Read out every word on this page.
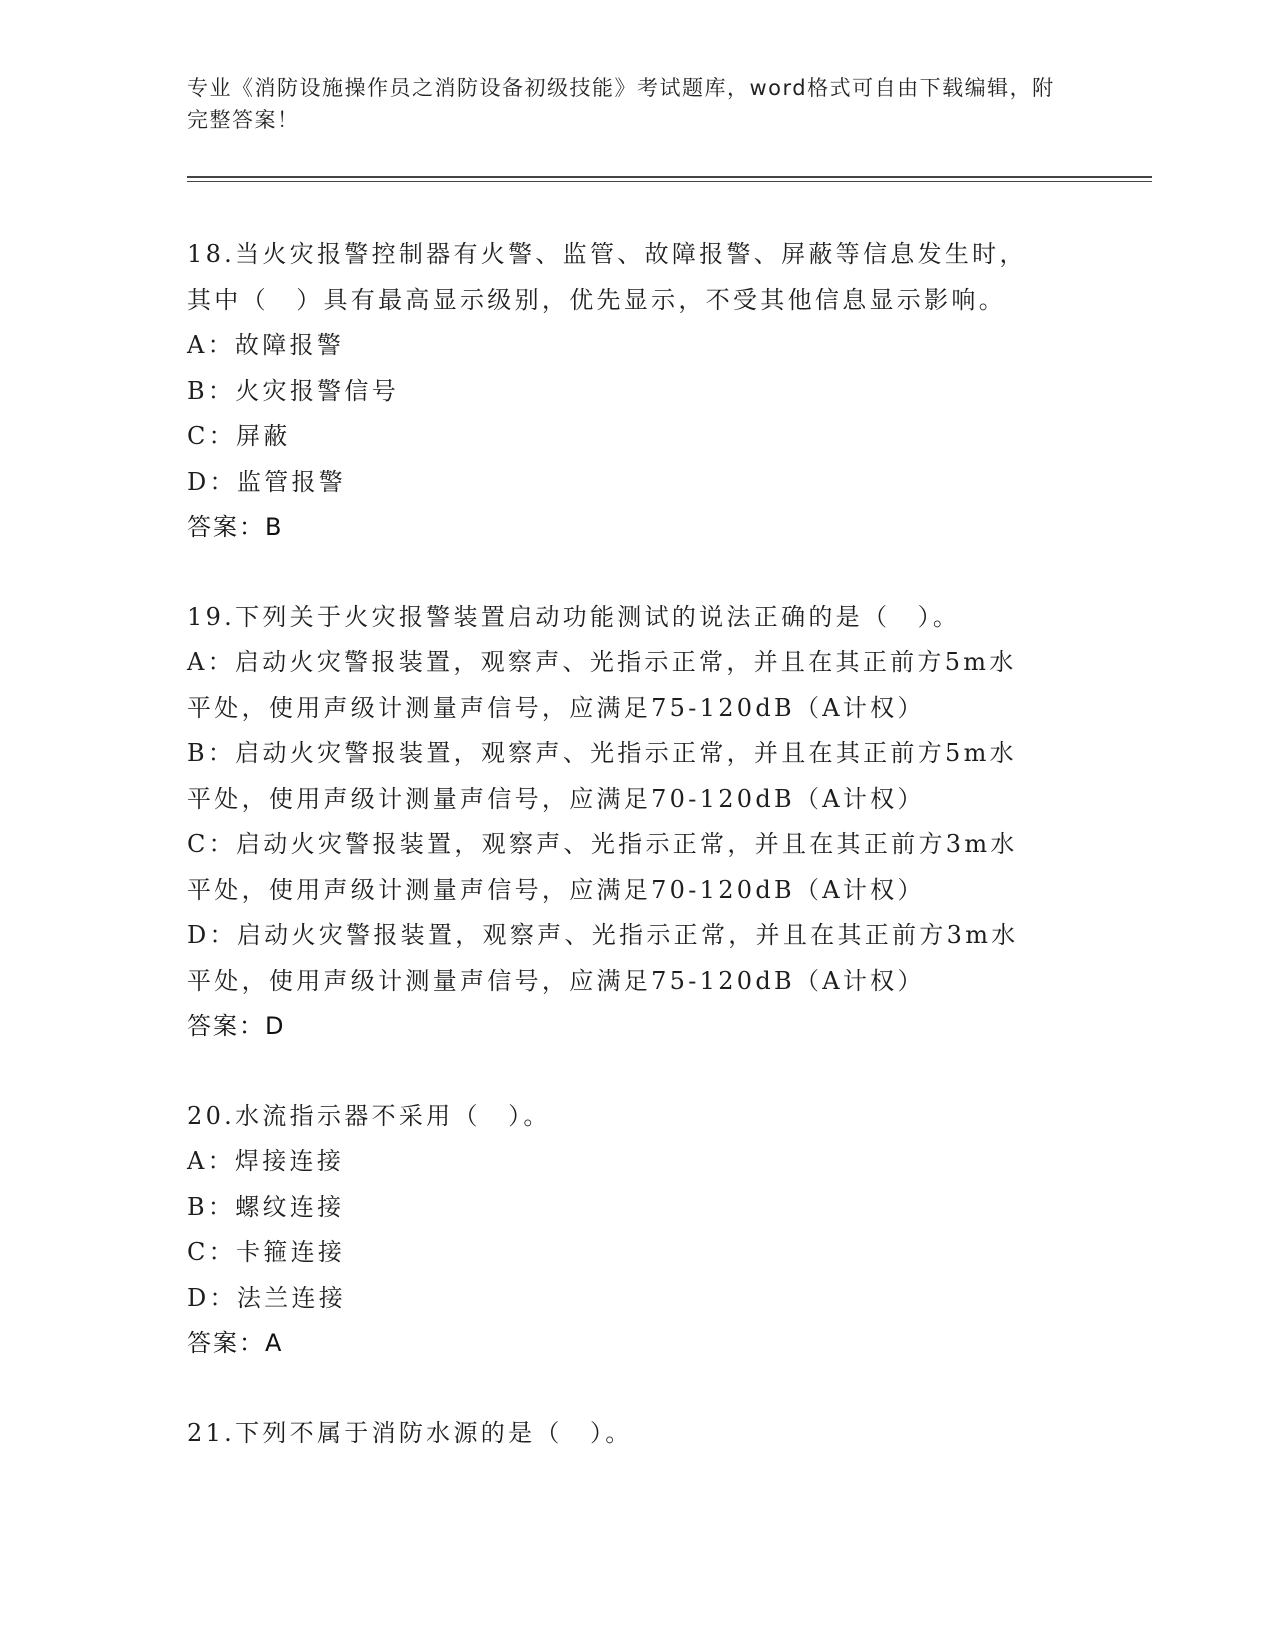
专业《消防设施操作员之消防设备初级技能》考试题库，word格式可自由下载编辑，附完整答案！

18.当火灾报警控制器有火警、监管、故障报警、屏蔽等信息发生时，

其中（　）具有最高显示级别，优先显示，不受其他信息显示影响。

A：故障报警

B：火灾报警信号

C：屏蔽

D：监管报警

答案：B

19.下列关于火灾报警装置启动功能测试的说法正确的是（　）。

A：启动火灾警报装置，观察声、光指示正常，并且在其正前方5m水

平处，使用声级计测量声信号，应满足75-120dB（A计权）

B：启动火灾警报装置，观察声、光指示正常，并且在其正前方5m水

平处，使用声级计测量声信号，应满足70-120dB（A计权）

C：启动火灾警报装置，观察声、光指示正常，并且在其正前方3m水

平处，使用声级计测量声信号，应满足70-120dB（A计权）

D：启动火灾警报装置，观察声、光指示正常，并且在其正前方3m水

平处，使用声级计测量声信号，应满足75-120dB（A计权）

答案：D

20.水流指示器不采用（　）。

A：焊接连接

B：螺纹连接

C：卡箍连接

D：法兰连接

答案：A

21.下列不属于消防水源的是（　）。
